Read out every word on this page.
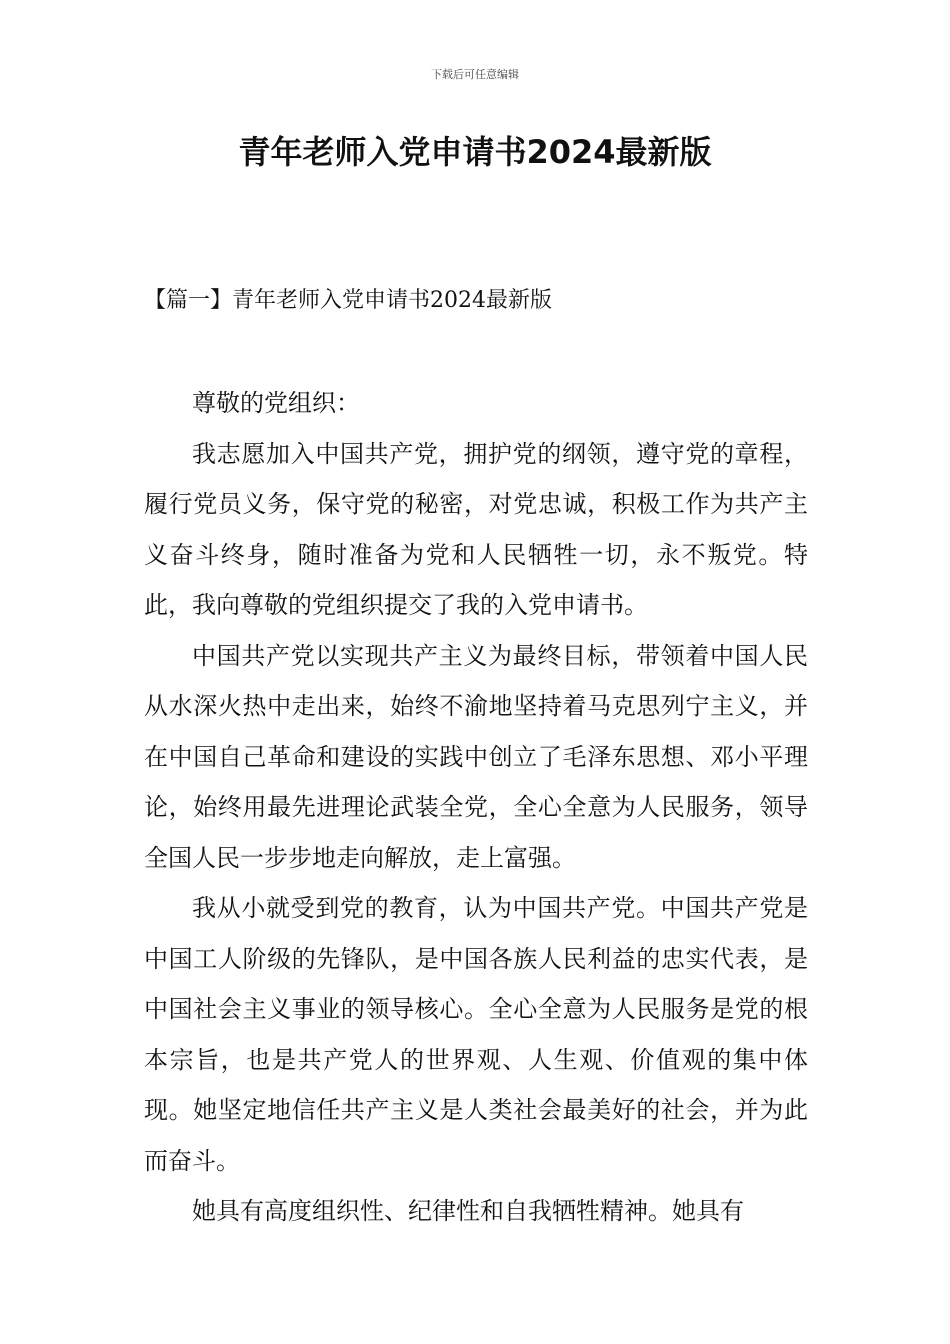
下载后可任意编辑
青年老师入党申请书2024最新版
【篇一】青年老师入党申请书2024最新版

尊敬的党组织：

我志愿加入中国共产党，拥护党的纲领，遵守党的章程，履行党员义务，保守党的秘密，对党忠诚，积极工作为共产主义奋斗终身，随时准备为党和人民牺牲一切，永不叛党。特此，我向尊敬的党组织提交了我的入党申请书。

中国共产党以实现共产主义为最终目标，带领着中国人民从水深火热中走出来，始终不渝地坚持着马克思列宁主义，并在中国自己革命和建设的实践中创立了毛泽东思想、邓小平理论，始终用最先进理论武装全党，全心全意为人民服务，领导全国人民一步步地走向解放，走上富强。

我从小就受到党的教育，认为中国共产党。中国共产党是中国工人阶级的先锋队，是中国各族人民利益的忠实代表，是中国社会主义事业的领导核心。全心全意为人民服务是党的根本宗旨，也是共产党人的世界观、人生观、价值观的集中体现。她坚定地信任共产主义是人类社会最美好的社会，并为此而奋斗。

她具有高度组织性、纪律性和自我牺牲精神。她具有
